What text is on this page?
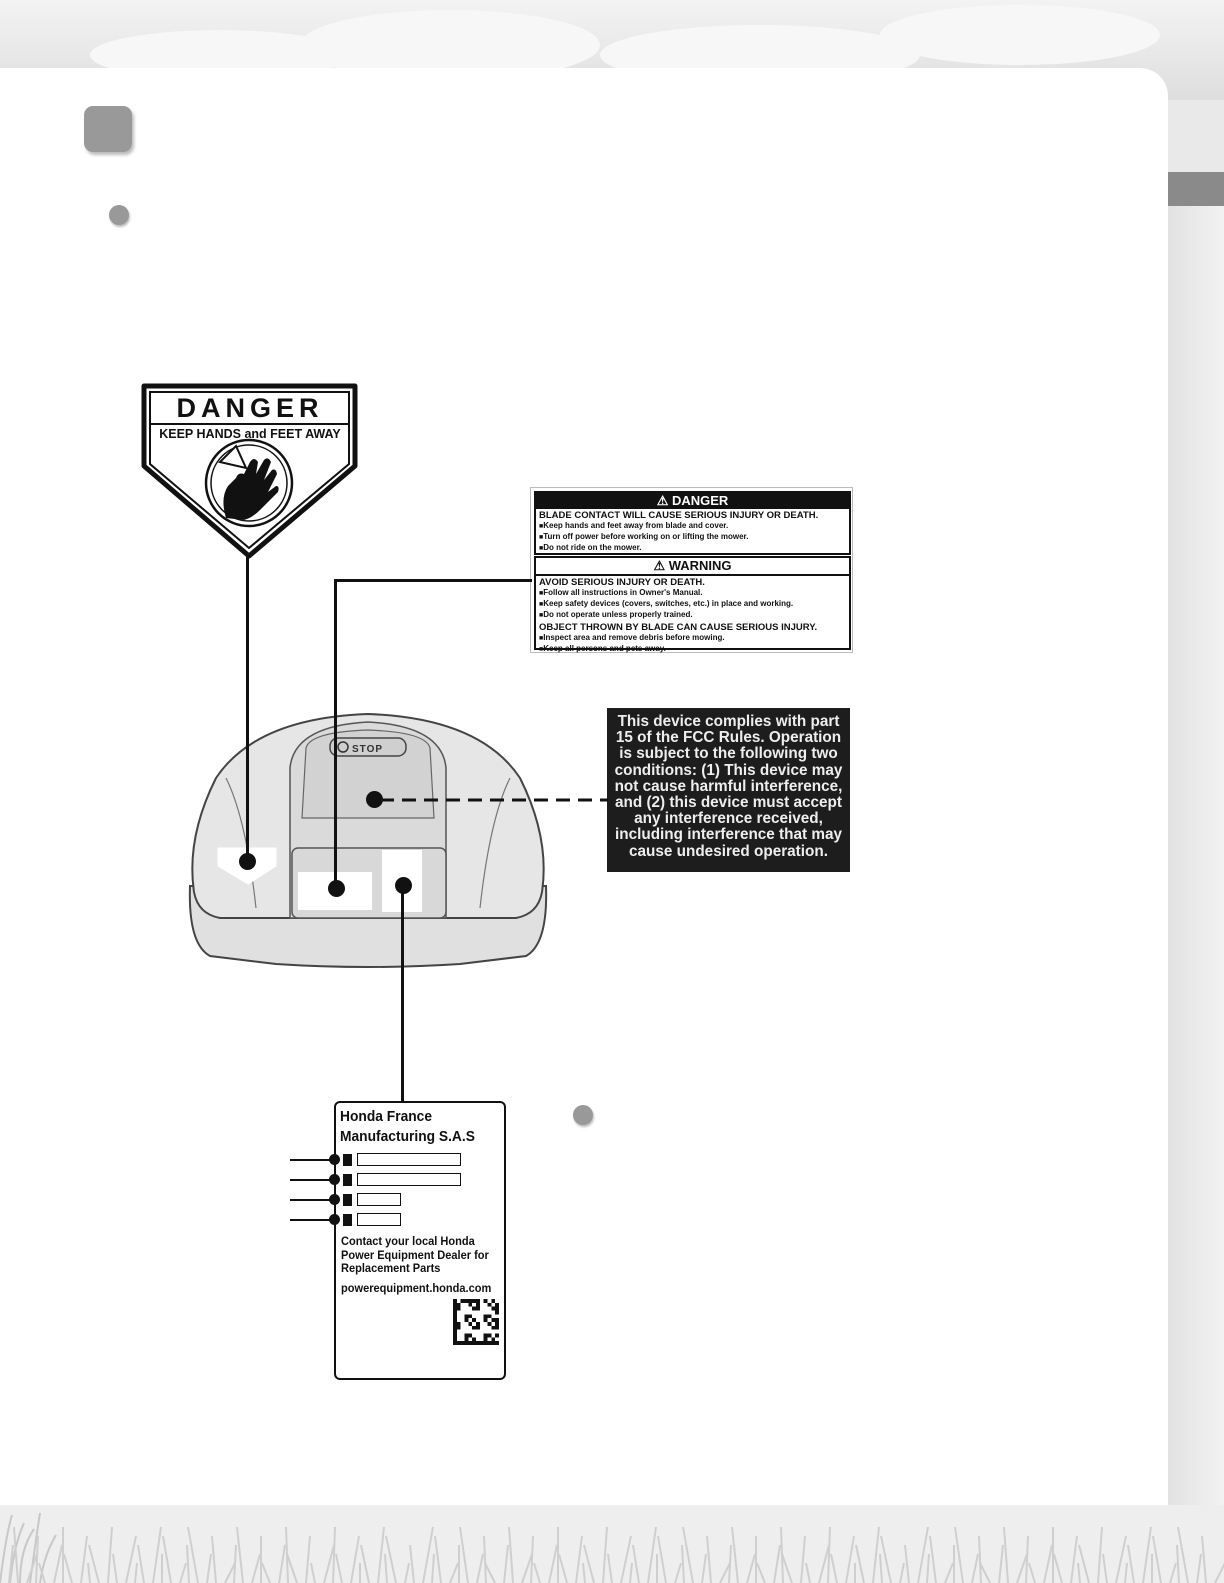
DANGER
KEEP HANDS and FEET AWAY
⚠ DANGER
BLADE CONTACT WILL CAUSE SERIOUS INJURY OR DEATH.
■ Keep hands and feet away from blade and cover.
■ Turn off power before working on or lifting the mower.
■ Do not ride on the mower.
⚠ WARNING
AVOID SERIOUS INJURY OR DEATH.
■ Follow all instructions in Owner's Manual.
■ Keep safety devices (covers, switches, etc.) in place and working.
■ Do not operate unless properly trained.
OBJECT THROWN BY BLADE CAN CAUSE SERIOUS INJURY.
■ Inspect area and remove debris before mowing.
■ Keep all persons and pets away.
This device complies with part 15 of the FCC Rules. Operation is subject to the following two conditions: (1) This device may not cause harmful interference, and (2) this device must accept any interference received, including interference that may cause undesired operation.
STOP
Honda France
Manufacturing S.A.S
Contact your local Honda Power Equipment Dealer for Replacement Parts
powerequipment.honda.com
